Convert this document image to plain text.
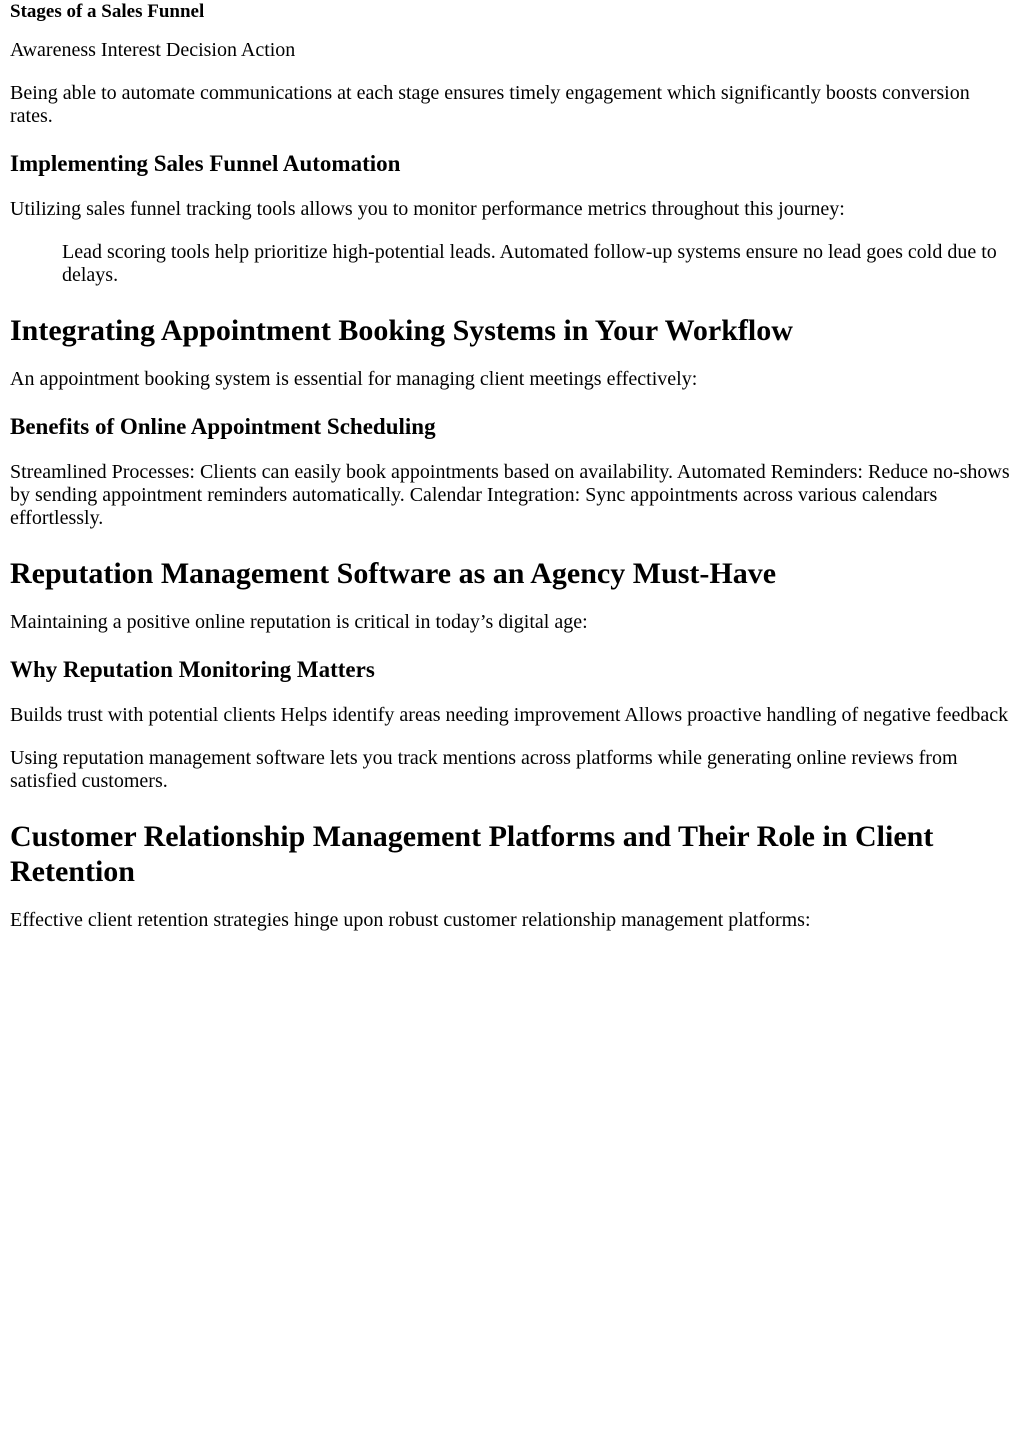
Stages of a Sales Funnel

Awareness Interest Decision Action

Being able to automate communications at each stage ensures timely engagement which significantly boosts conversion rates.

Implementing Sales Funnel Automation

Utilizing sales funnel tracking tools allows you to monitor performance metrics throughout this journey:

Lead scoring tools help prioritize high-potential leads. Automated follow-up systems ensure no lead goes cold due to delays.
Integrating Appointment Booking Systems in Your Workflow

An appointment booking system is essential for managing client meetings effectively:

Benefits of Online Appointment Scheduling

Streamlined Processes: Clients can easily book appointments based on availability. Automated Reminders: Reduce no-shows by sending appointment reminders automatically. Calendar Integration: Sync appointments across various calendars effortlessly.

Reputation Management Software as an Agency Must-Have

Maintaining a positive online reputation is critical in today’s digital age:

Why Reputation Monitoring Matters

Builds trust with potential clients Helps identify areas needing improvement Allows proactive handling of negative feedback

Using reputation management software lets you track mentions across platforms while generating online reviews from satisfied customers.

Customer Relationship Management Platforms and Their Role in Client Retention

Effective client retention strategies hinge upon robust customer relationship management platforms:
